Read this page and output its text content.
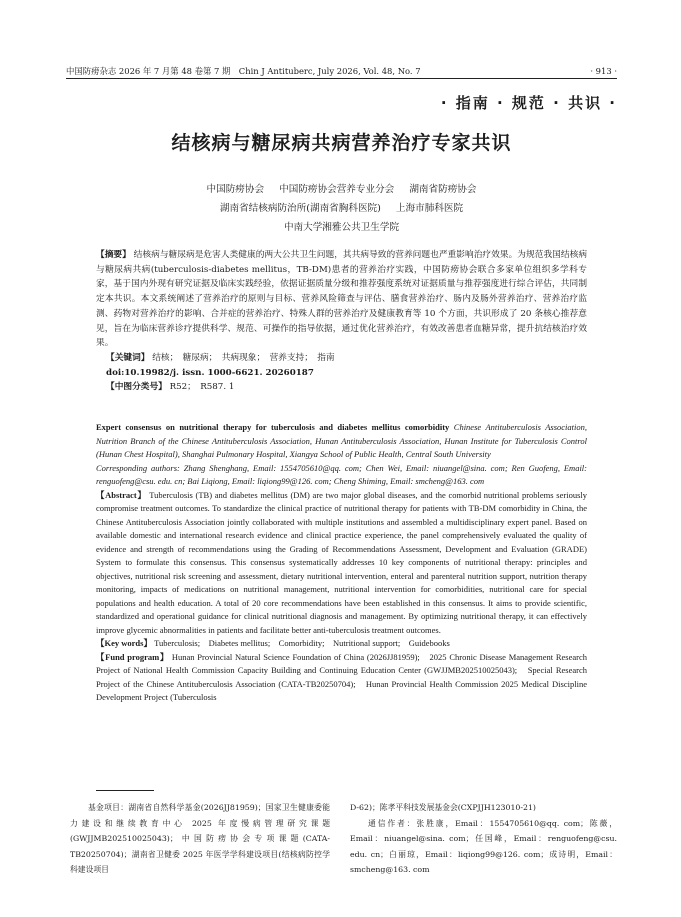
中国防痨杂志 2026 年 7 月第 48 卷第 7 期　Chin J Antituberc, July 2026, Vol. 48, No. 7	· 913 ·
· 指南 · 规范 · 共识 ·
结核病与糖尿病共病营养治疗专家共识
中国防痨协会 中国防痨协会营养专业分会 湖南省防痨协会
湖南省结核病防治所(湖南省胸科医院) 上海市肺科医院
中南大学湘雅公共卫生学院

【摘要】 结核病与糖尿病是危害人类健康的两大公共卫生问题，其共病导致的营养问题也严重影响治疗效果。为规范我国结核病与糖尿病共病(tuberculosis-diabetes mellitus，TB-DM)患者的营养治疗实践，中国防痨协会联合多家单位组织多学科专家，基于国内外现有研究证据及临床实践经验，依据证据质量分级和推荐强度系统对证据质量与推荐强度进行综合评估，共同制定本共识。本文系统阐述了营养治疗的原则与目标、营养风险筛查与评估、膳食营养治疗、肠内及肠外营养治疗、营养治疗监测、药物对营养治疗的影响、合并症的营养治疗、特殊人群的营养治疗及健康教育等 10 个方面，共识形成了 20 条核心推荐意见，旨在为临床营养诊疗提供科学、规范、可操作的指导依据，通过优化营养治疗，有效改善患者血糖异常，提升抗结核治疗效果。

【关键词】 结核；　糖尿病；　共病现象；　营养支持；　指南

doi:10.19982/j. issn. 1000-6621. 20260187

【中图分类号】 R52；　R587. 1

Expert consensus on nutritional therapy for tuberculosis and diabetes mellitus comorbidity Chinese Antituberculosis Association, Nutrition Branch of the Chinese Antituberculosis Association, Hunan Antituberculosis Association, Hunan Institute for Tuberculosis Control (Hunan Chest Hospital), Shanghai Pulmonary Hospital, Xiangya School of Public Health, Central South University

Corresponding authors: Zhang Shenghang, Email: 1554705610@qq. com; Chen Wei, Email: niuangel@sina. com; Ren Guofeng, Email: renguofeng@csu. edu. cn; Bai Liqiong, Email: liqiong99@126. com; Cheng Shiming, Email: smcheng@163. com

【Abstract】 Tuberculosis (TB) and diabetes mellitus (DM) are two major global diseases, and the comorbid nutritional problems seriously compromise treatment outcomes. To standardize the clinical practice of nutritional therapy for patients with TB-DM comorbidity in China, the Chinese Antituberculosis Association jointly collaborated with multiple institutions and assembled a multidisciplinary expert panel. Based on available domestic and international research evidence and clinical practice experience, the panel comprehensively evaluated the quality of evidence and strength of recommendations using the Grading of Recommendations Assessment, Development and Evaluation (GRADE) System to formulate this consensus. This consensus systematically addresses 10 key components of nutritional therapy: principles and objectives, nutritional risk screening and assessment, dietary nutritional intervention, enteral and parenteral nutrition support, nutrition therapy monitoring, impacts of medications on nutritional management, nutritional intervention for comorbidities, nutritional care for special populations and health education. A total of 20 core recommendations have been established in this consensus. It aims to provide scientific, standardized and operational guidance for clinical nutritional diagnosis and management. By optimizing nutritional therapy, it can effectively improve glycemic abnormalities in patients and facilitate better anti-tuberculosis treatment outcomes.

【Key words】 Tuberculosis;　Diabetes mellitus;　Comorbidity;　Nutritional support;　Guidebooks

【Fund program】 Hunan Provincial Natural Science Foundation of China (2026JJ81959);　2025 Chronic Disease Management Research Project of National Health Commission Capacity Building and Continuing Education Center (GWJJMB202510025043);　Special Research Project of the Chinese Antituberculosis Association (CATA-TB20250704);　Hunan Provincial Health Commission 2025 Medical Discipline Development Project (Tuberculosis

基金项目：湖南省自然科学基金(2026JJ81959)；国家卫生健康委能力建设和继续教育中心 2025 年度慢病管理研究课题(GWJJMB202510025043)；中国防痨协会专项课题(CATA-TB20250704)；湖南省卫健委 2025 年医学学科建设项目(结核病防控学科建设项目
D-62)；陈孝平科技发展基金会(CXPJJH123010-21)
通信作者：张胜康，Email：1554705610@qq. com；陈薇，Email：niuangel@sina. com；任国峰，Email：renguofeng@csu. edu. cn；白丽琼，Email：liqiong99@126. com；成诗明，Email：smcheng@163. com
